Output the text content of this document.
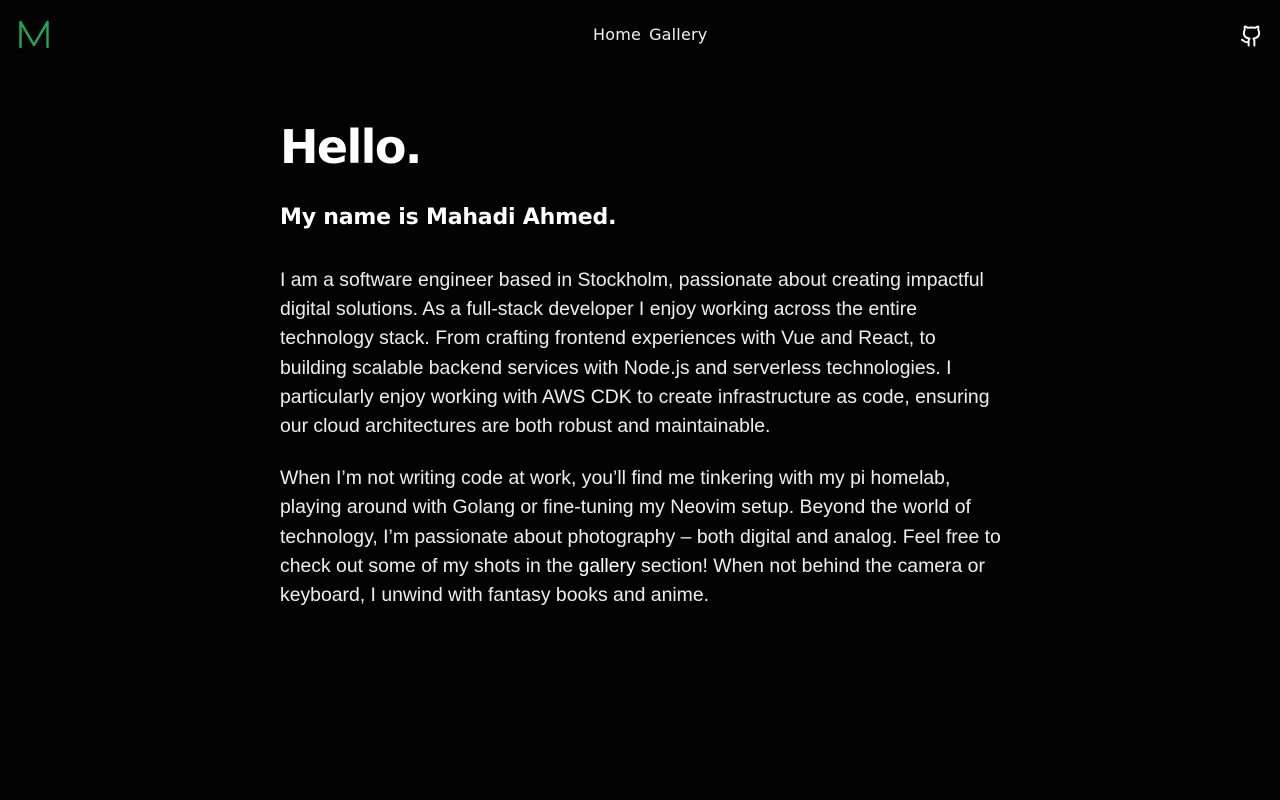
Home Gallery
Hello.
My name is Mahadi Ahmed.

I am a software engineer based in Stockholm, passionate about creating impactful digital solutions. As a full-stack developer I enjoy working across the entire technology stack. From crafting frontend experiences with Vue and React, to building scalable backend services with Node.js and serverless technologies. I particularly enjoy working with AWS CDK to create infrastructure as code, ensuring our cloud architectures are both robust and maintainable.

When I’m not writing code at work, you’ll find me tinkering with my pi homelab, playing around with Golang or fine-tuning my Neovim setup. Beyond the world of technology, I’m passionate about photography – both digital and analog. Feel free to check out some of my shots in the gallery section! When not behind the camera or keyboard, I unwind with fantasy books and anime.
